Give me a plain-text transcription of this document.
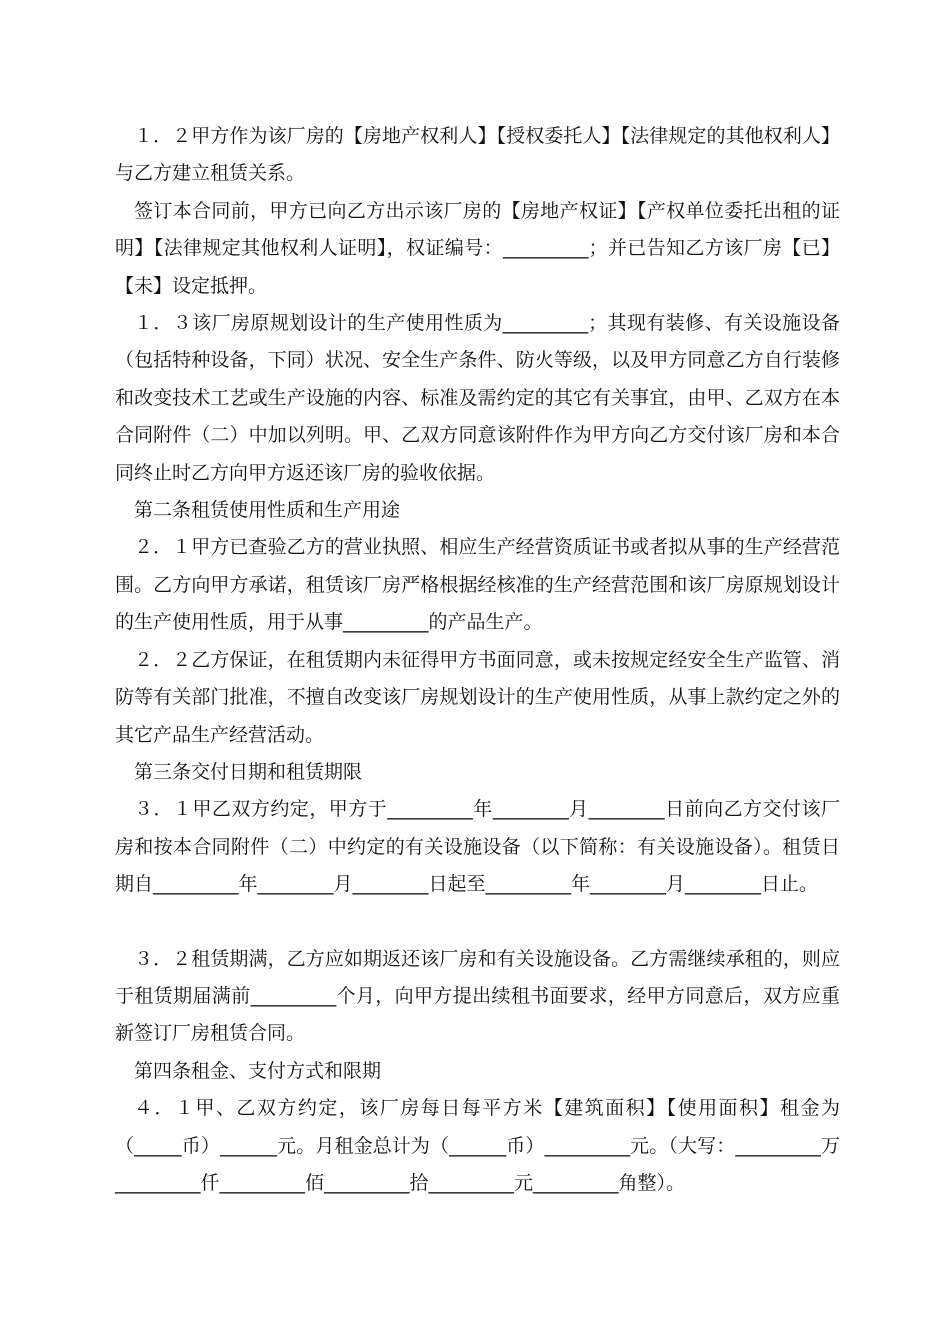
１．２甲方作为该厂房的【房地产权利人】【授权委托人】【法律规定的其他权利人】与乙方建立租赁关系。

签订本合同前，甲方已向乙方出示该厂房的【房地产权证】【产权单位委托出租的证明】【法律规定其他权利人证明】，权证编号：_________；并已告知乙方该厂房【已】【未】设定抵押。

１．３该厂房原规划设计的生产使用性质为_________；其现有装修、有关设施设备（包括特种设备，下同）状况、安全生产条件、防火等级，以及甲方同意乙方自行装修和改变技术工艺或生产设施的内容、标准及需约定的其它有关事宜，由甲、乙双方在本合同附件（二）中加以列明。甲、乙双方同意该附件作为甲方向乙方交付该厂房和本合同终止时乙方向甲方返还该厂房的验收依据。

第二条租赁使用性质和生产用途

２．１甲方已查验乙方的营业执照、相应生产经营资质证书或者拟从事的生产经营范围。乙方向甲方承诺，租赁该厂房严格根据经核准的生产经营范围和该厂房原规划设计的生产使用性质，用于从事_________的产品生产。

２．２乙方保证，在租赁期内未征得甲方书面同意，或未按规定经安全生产监管、消防等有关部门批准，不擅自改变该厂房规划设计的生产使用性质，从事上款约定之外的其它产品生产经营活动。

第三条交付日期和租赁期限

３．１甲乙双方约定，甲方于_________年________月________日前向乙方交付该厂房和按本合同附件（二）中约定的有关设施设备（以下简称：有关设施设备）。租赁日期自_________年________月________日起至_________年________月________日止。

３．２租赁期满，乙方应如期返还该厂房和有关设施设备。乙方需继续承租的，则应于租赁期届满前_________个月，向甲方提出续租书面要求，经甲方同意后，双方应重新签订厂房租赁合同。

第四条租金、支付方式和限期

４．１甲、乙双方约定，该厂房每日每平方米【建筑面积】【使用面积】租金为（_____币）______元。月租金总计为（______币）_________元。（大写：_________万_________仟_________佰_________拾_________元_________角整）。
